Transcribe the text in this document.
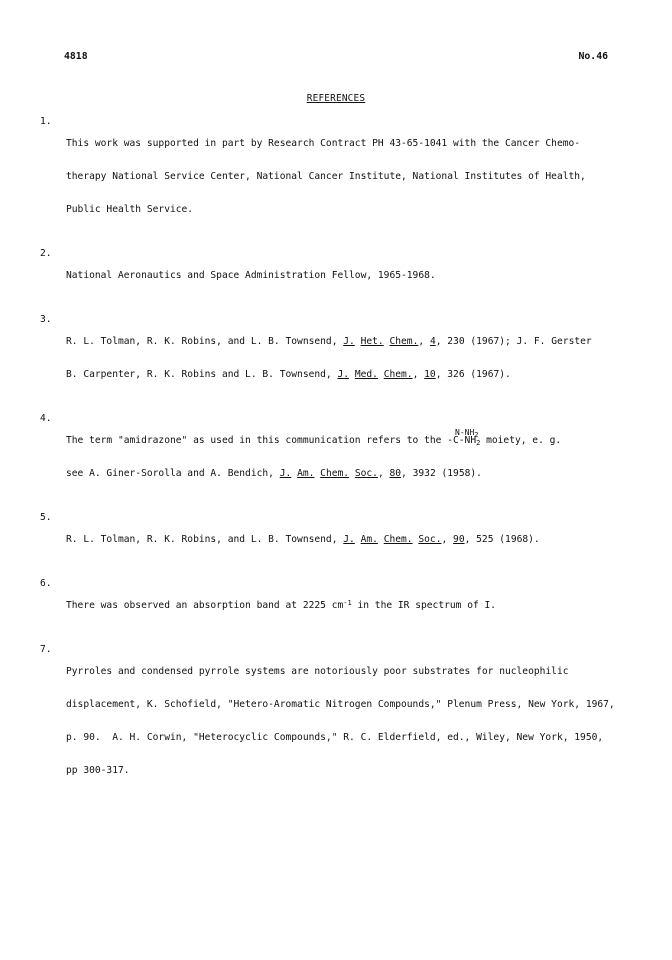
4818	No.46
REFERENCES
1.

This work was supported in part by Research Contract PH 43-65-1041 with the Cancer Chemo-

therapy National Service Center, National Cancer Institute, National Institutes of Health,

Public Health Service.

2.

National Aeronautics and Space Administration Fellow, 1965-1968.

3.

R. L. Tolman, R. K. Robins, and L. B. Townsend, J. Het. Chem., 4, 230 (1967); J. F. Gerster

B. Carpenter, R. K. Robins and L. B. Townsend, J. Med. Chem., 10, 326 (1967).

4.

The term "amidrazone" as used in this communication refers to the -
$N-NH_2$
$C-NH_2$ moiety, e. g.

see A. Giner-Sorolla and A. Bendich, J. Am. Chem. Soc., 80, 3932 (1958).

5.

R. L. Tolman, R. K. Robins, and L. B. Townsend, J. Am. Chem. Soc., 90, 525 (1968).

6.

There was observed an absorption band at 2225 $cm^{-1}$ in the IR spectrum of I.

7.

Pyrroles and condensed pyrrole systems are notoriously poor substrates for nucleophilic

displacement, K. Schofield, "Hetero-Aromatic Nitrogen Compounds," Plenum Press, New York, 1967,

p. 90.  A. H. Corwin, "Heterocyclic Compounds," R. C. Elderfield, ed., Wiley, New York, 1950,

pp 300-317.
